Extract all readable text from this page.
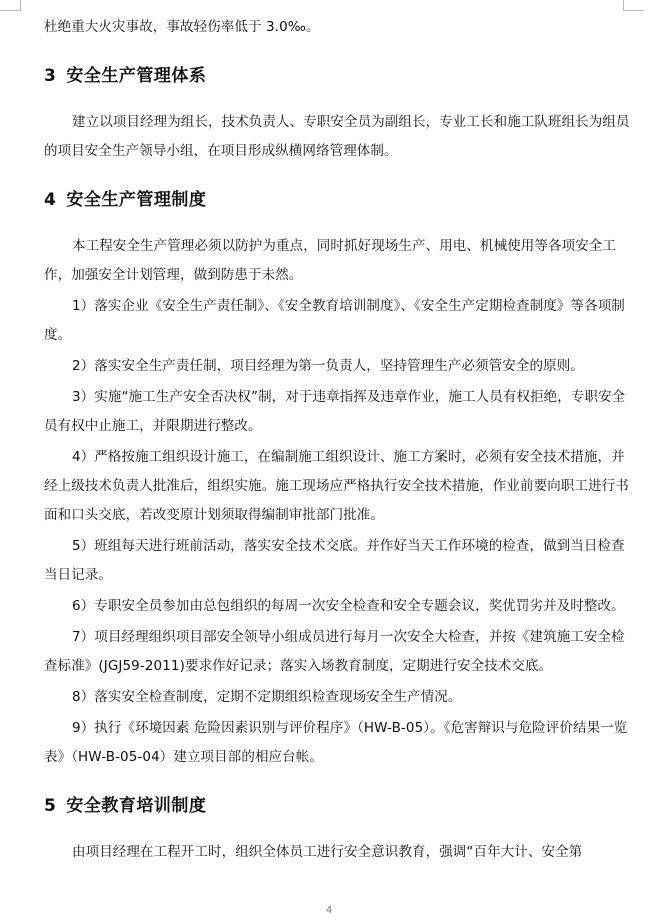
杜绝重大火灾事故，事故轻伤率低于 3.0‰。

3 安全生产管理体系

建立以项目经理为组长，技术负责人、专职安全员为副组长，专业工长和施工队班组长为组员的项目安全生产领导小组，在项目形成纵横网络管理体制。

4 安全生产管理制度

本工程安全生产管理必须以防护为重点，同时抓好现场生产、用电、机械使用等各项安全工作，加强安全计划管理，做到防患于未然。

1）落实企业《安全生产责任制》、《安全教育培训制度》、《安全生产定期检查制度》等各项制度。

2）落实安全生产责任制，项目经理为第一负责人，坚持管理生产必须管安全的原则。

3）实施“施工生产安全否决权”制，对于违章指挥及违章作业，施工人员有权拒绝，专职安全员有权中止施工，并限期进行整改。

4）严格按施工组织设计施工，在编制施工组织设计、施工方案时，必须有安全技术措施，并经上级技术负责人批准后，组织实施。施工现场应严格执行安全技术措施，作业前要向职工进行书面和口头交底，若改变原计划须取得编制审批部门批准。

5）班组每天进行班前活动，落实安全技术交底。并作好当天工作环境的检查，做到当日检查当日记录。

6）专职安全员参加由总包组织的每周一次安全检查和安全专题会议，奖优罚劣并及时整改。

7）项目经理组织项目部安全领导小组成员进行每月一次安全大检查，并按《建筑施工安全检查标准》(JGJ59-2011)要求作好记录；落实入场教育制度，定期进行安全技术交底。

8）落实安全检查制度，定期不定期组织检查现场安全生产情况。

9）执行《环境因素 危险因素识别与评价程序》（HW-B-05）。《危害辩识与危险评价结果一览表》（HW-B-05-04）建立项目部的相应台帐。

5 安全教育培训制度

由项目经理在工程开工时，组织全体员工进行安全意识教育，强调“百年大计、安全第

4
